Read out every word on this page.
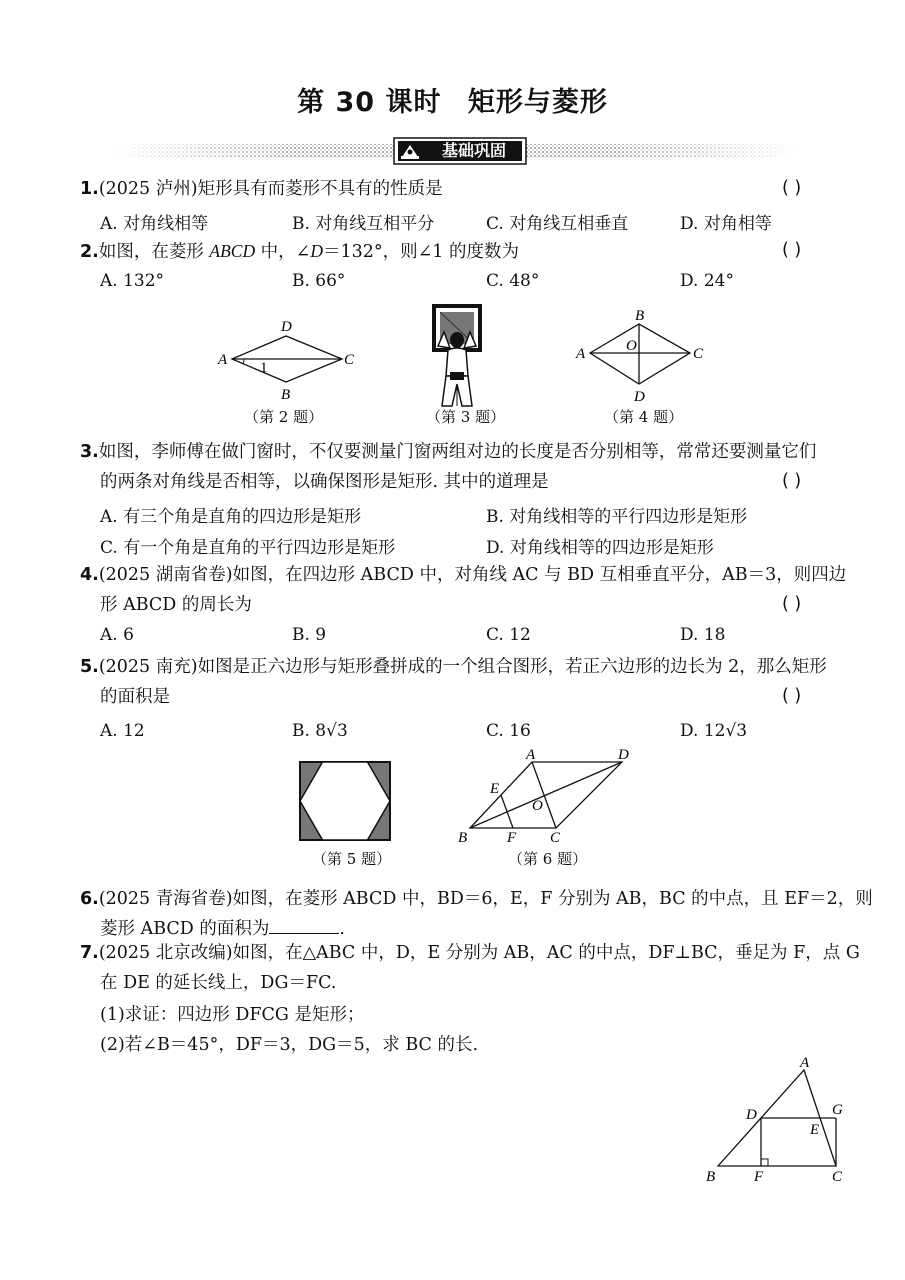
第 30 课时 矩形与菱形
基础巩固
1.(2025 泸州)矩形具有而菱形不具有的性质是	( )
A. 对角线相等	B. 对角线互相平分	C. 对角线互相垂直	D. 对角相等
2.如图，在菱形 ABCD 中，∠D＝132°，则∠1 的度数为	( )
A. 132°	B. 66°	C. 48°	D. 24°
A
D
C
B
1
（第 2 题）	（第 3 题）
A
B
C
D
O
（第 4 题）
3.如图，李师傅在做门窗时，不仅要测量门窗两组对边的长度是否分别相等，常常还要测量它们
的两条对角线是否相等，以确保图形是矩形. 其中的道理是	( )
A. 有三个角是直角的四边形是矩形	B. 对角线相等的平行四边形是矩形
C. 有一个角是直角的平行四边形是矩形	D. 对角线相等的四边形是矩形
4.(2025 湖南省卷)如图，在四边形 ABCD 中，对角线 AC 与 BD 互相垂直平分，AB＝3，则四边
形 ABCD 的周长为	( )
A. 6	B. 9	C. 12	D. 18
5.(2025 南充)如图是正六边形与矩形叠拼成的一个组合图形，若正六边形的边长为 2，那么矩形
的面积是	( )
A. 12	B. 8√3	C. 16	D. 12√3
（第 5 题）
A	D
B	C
E
F
O
（第 6 题）
6.(2025 青海省卷)如图，在菱形 ABCD 中，BD＝6，E，F 分别为 AB，BC 的中点，且 EF＝2，则
菱形 ABCD 的面积为	.
7.(2025 北京改编)如图，在△ABC 中，D，E 分别为 AB，AC 的中点，DF⊥BC，垂足为 F，点 G
在 DE 的延长线上，DG＝FC.
(1)求证：四边形 DFCG 是矩形；
(2)若∠B＝45°，DF＝3，DG＝5，求 BC 的长.
A
D
E
G
B	F	C
